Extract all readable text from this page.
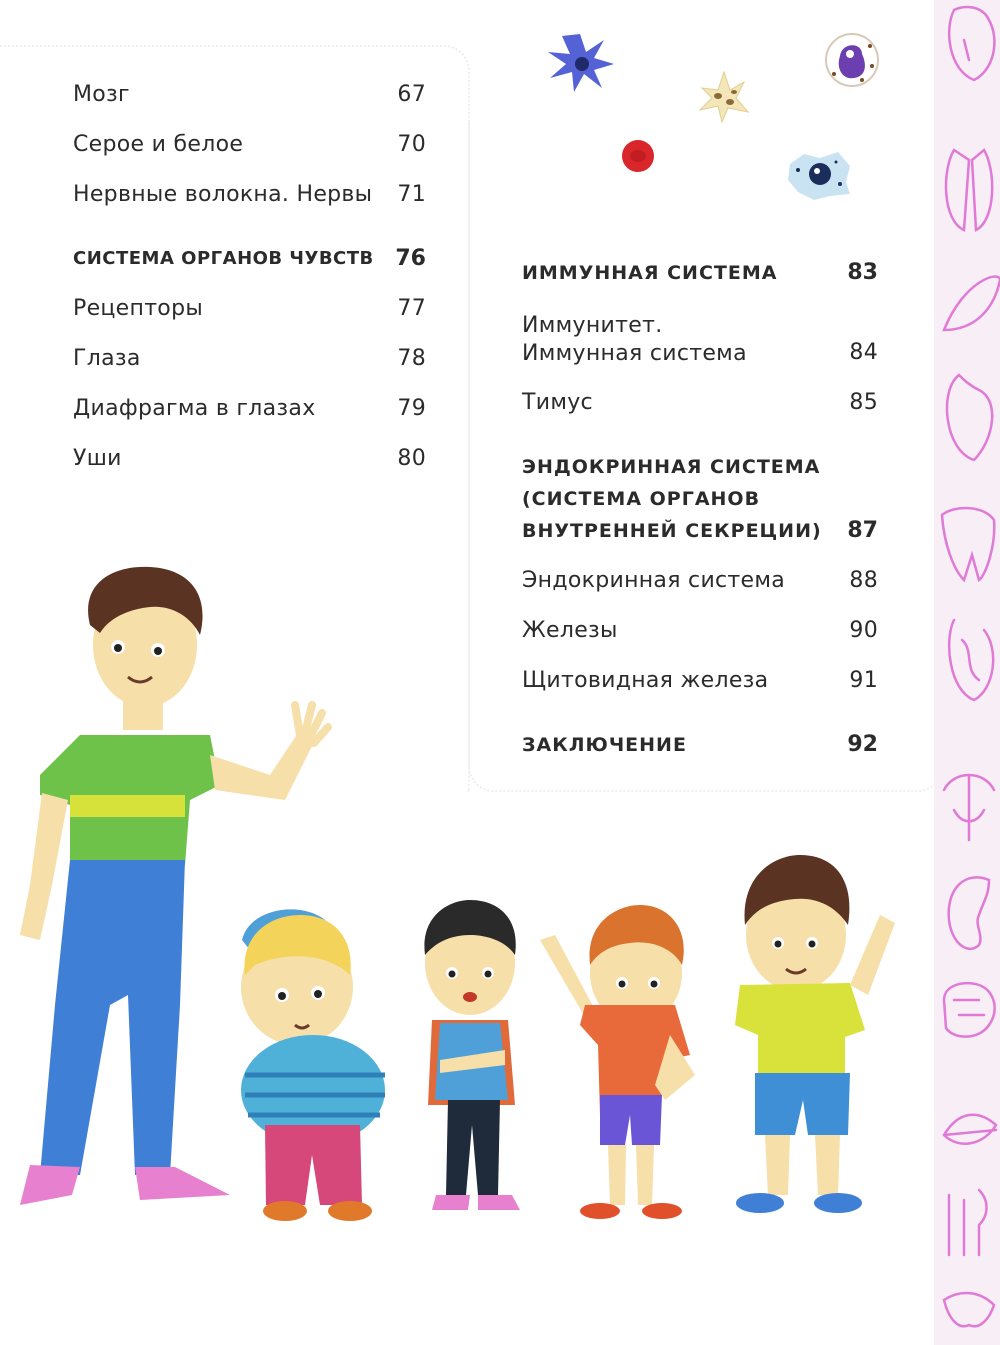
Мозг	67
Серое и белое	70
Нервные волокна. Нервы 71
СИСТЕМА ОРГАНОВ ЧУВСТВ 76
Рецепторы	77
Глаза	78
Диафрагма в глазах	79
Уши	80
ИММУННАЯ СИСТЕМА	83
Иммунитет.
Иммунная система	84
Тимус	85
ЭНДОКРИННАЯ СИСТЕМА
(СИСТЕМА ОРГАНОВ
ВНУТРЕННЕЙ СЕКРЕЦИИ) 87
Эндокринная система	88
Железы	90
Щитовидная железа	91
ЗАКЛЮЧЕНИЕ	92
